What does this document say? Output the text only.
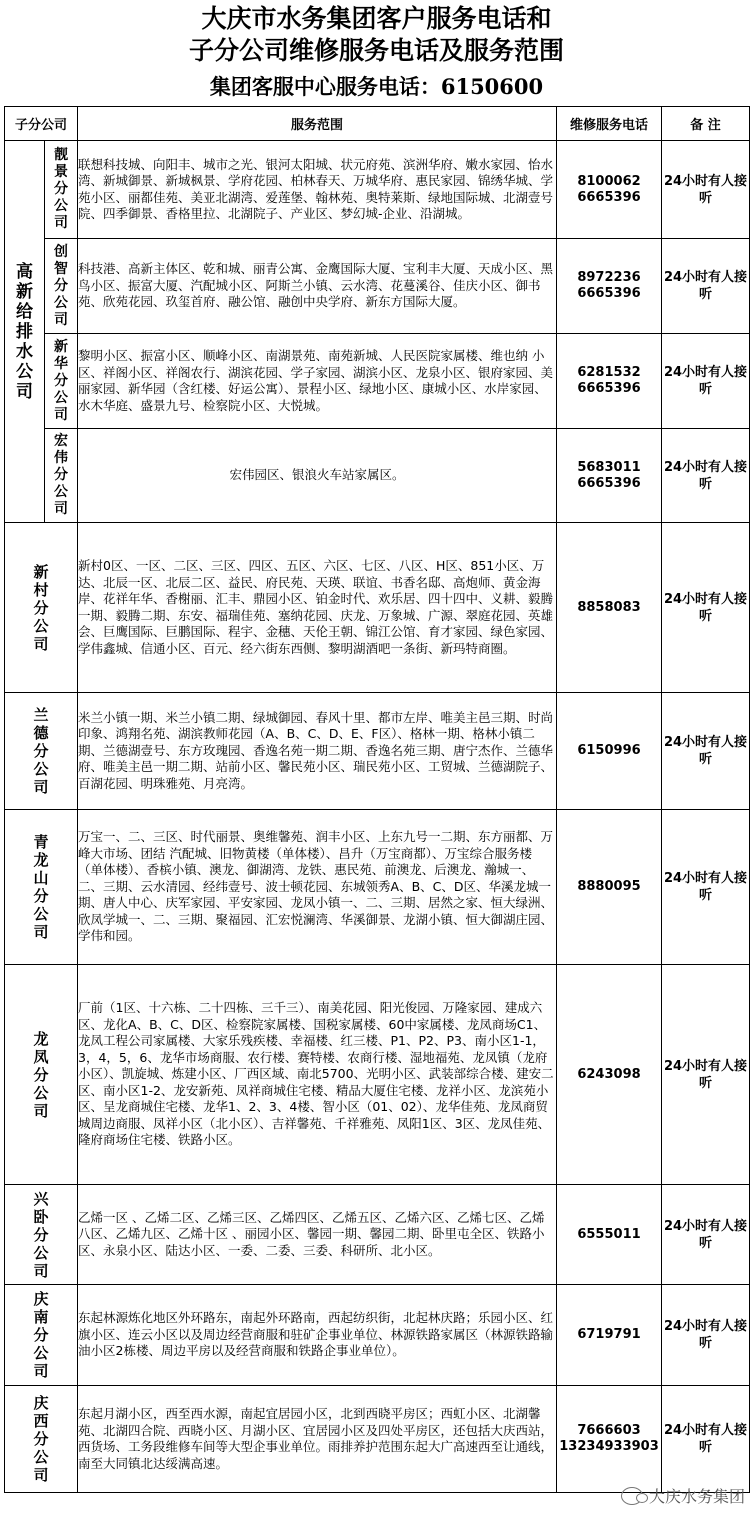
大庆市水务集团客户服务电话和
子分公司维修服务电话及服务范围
集团客服中心服务电话：6150600
子分公司		服务范围	维修服务电话	备 注

高新给排水公司	靓景分公司	联想科技城、向阳丰、城市之光、银河太阳城、状元府苑、滨洲华府、嫩水家园、怡水湾、新城御景、新城枫景、学府花园、柏林春天、万城华府、惠民家园、锦绣华城、学苑小区、丽都佳苑、美亚北湖湾、爱莲堡、翰林苑、奥特莱斯、绿地国际城、北湖壹号院、四季御景、香格里拉、北湖院子、产业区、梦幻城-企业、沿湖城。	8100062
6665396	24小时有人接听

	创智分公司	科技港、高新主体区、乾和城、丽青公寓、金鹰国际大厦、宝利丰大厦、天成小区、黑鸟小区、振富大厦、汽配城小区、阿斯兰小镇、云水湾、花蔓溪谷、佳庆小区、御书苑、欣苑花园、玖玺首府、融公馆、融创中央学府、新东方国际大厦。	8972236
6665396	24小时有人接听

	新华分公司	黎明小区、振富小区、顺峰小区、南湖景苑、南苑新城、人民医院家属楼、维也纳 小区、祥阁小区、祥阁农行、湖滨花园、学子家园、湖滨小区、龙泉小区、银府家园、美丽家园、新华园（含红楼、好运公寓）、景程小区、绿地小区、康城小区、水岸家园、水木华庭、盛景九号、检察院小区、大悦城。	6281532
6665396	24小时有人接听

	宏伟分公司	宏伟园区、银浪火车站家属区。	5683011
6665396	24小时有人接听

新村分公司		新村0区、一区、二区、三区、四区、五区、六区、七区、八区、H区、851小区、万达、北辰一区、北辰二区、益民、府民苑、天瑛、联谊、书香名邸、高炮师、黄金海岸、花祥年华、香榭丽、汇丰、鼎园小区、铂金时代、欢乐居、四十四中、义耕、毅腾一期、毅腾二期、东安、福瑞佳苑、塞纳花园、庆龙、万象城、广源、翠庭花园、英雄会、巨鹰国际、巨鹏国际、程宇、金穗、天伦王朝、锦江公馆、育才家园、绿色家园、学伟鑫城、信通小区、百元、经六街东西侧、黎明湖酒吧一条街、新玛特商圈。	8858083	24小时有人接听

兰德分公司		米兰小镇一期、米兰小镇二期、绿城御园、春风十里、都市左岸、唯美主邑三期、时尚印象、鸿翔名苑、湖滨教师花园（A、B、C、D、E、F区）、格林一期、格林小镇二期、兰德湖壹号、东方玫瑰园、香逸名苑一期二期、香逸名苑三期、唐宁杰作、兰德华府、唯美主邑一期二期、站前小区、馨民苑小区、瑞民苑小区、工贸城、兰德湖院子、百湖花园、明珠雅苑、月亮湾。	6150996	24小时有人接听

青龙山分公司		万宝一、二、三区、时代丽景、奥维馨苑、润丰小区、上东九号一二期、东方丽都、万峰大市场、团结 汽配城、旧物黄楼（单体楼）、昌升（万宝商都）、万宝综合服务楼（单体楼）、香槟小镇、澳龙、御湖湾、龙铁、惠民苑、前澳龙、后澳龙、瀚城一、二、三期、云水清园、经纬壹号、波士顿花园、东城领秀A、B、C、D区、华溪龙城一期、唐人中心、庆军家园、平安家园、龙凤小镇一、二、三期、居然之家、恒大绿洲、欣凤学城一、二、三期、聚福园、汇宏悦澜湾、华溪御景、龙湖小镇、恒大御湖庄园、学伟和园。	8880095	24小时有人接听

龙凤分公司		厂前（1区、十六栋、二十四栋、三千三）、南美花园、阳光俊园、万隆家园、建成六区、龙化A、B、C、D区、检察院家属楼、国税家属楼、60中家属楼、龙凤商场C1、龙凤工程公司家属楼、大家乐残疾楼、幸福楼、红三楼、P1、P2、P3、南小区1-1，3，4，5，6、龙华市场商服、农行楼、赛特楼、农商行楼、湿地福苑、龙凤镇（龙府小区）、凯旋城、炼建小区、厂西区域、南北5700、光明小区、武装部综合楼、建安二区、南小区1-2、龙安新苑、凤祥商城住宅楼、精品大厦住宅楼、龙祥小区、龙滨苑小区、呈龙商城住宅楼、龙华1、2、3、4楼、智小区（01、02）、龙华佳苑、龙凤商贸城周边商服、凤祥小区（北小区）、吉祥馨苑、千祥雅苑、凤阳1区、3区、龙凤佳苑、隆府商场住宅楼、铁路小区。	6243098	24小时有人接听

兴卧分公司		乙烯一区 、乙烯二区、乙烯三区、乙烯四区、乙烯五区、乙烯六区、乙烯七区、乙烯八区、乙烯九区、乙烯十区 、丽园小区、馨园一期、馨园二期、卧里屯全区、铁路小区、永泉小区、陆达小区、一委、二委、三委、科研所、北小区。	6555011	24小时有人接听

庆南分公司		东起林源炼化地区外环路东，南起外环路南，西起纺织街，北起林庆路；乐园小区、红旗小区、连云小区以及周边经营商服和驻矿企事业单位、林源铁路家属区（林源铁路输油小区2栋楼、周边平房以及经营商服和铁路企事业单位）。	6719791	24小时有人接听

庆西分公司		东起月湖小区，西至西水源，南起宜居园小区，北到西晓平房区；西虹小区、北湖馨苑、北湖四合院、西晓小区、月湖小区、宜居园小区及四处平房区，还包括大庆西站，西货场、工务段维修车间等大型企事业单位。雨排养护范围东起大广高速西至让通线，南至大同镇北达绥满高速。	7666603
13234933903	24小时有人接听
大庆水务集团
